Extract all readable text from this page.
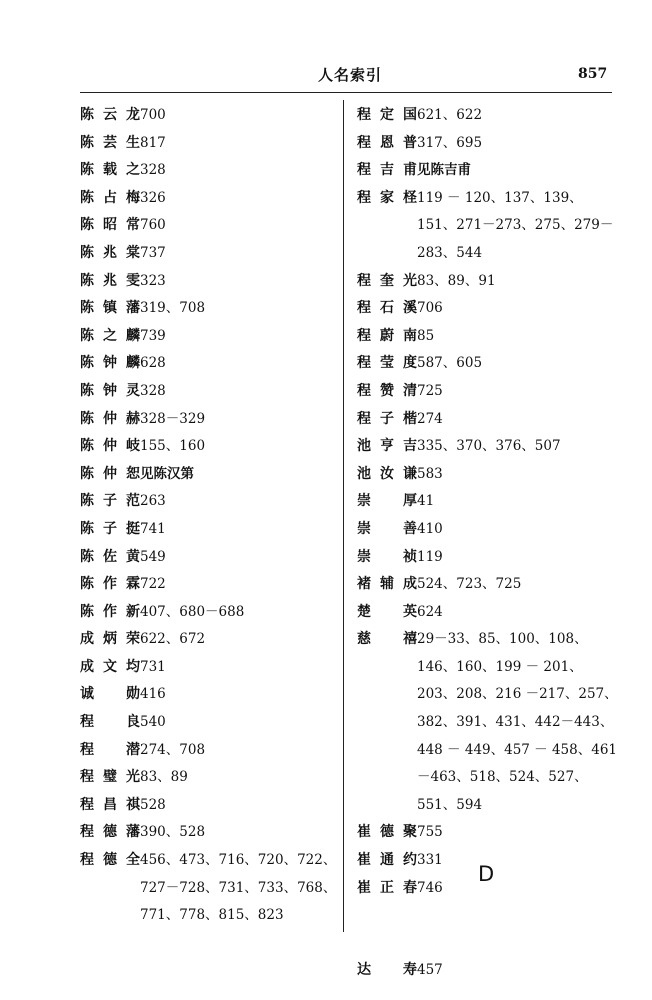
人名索引	857
陈云龙 700
陈芸生 817
陈载之 328
陈占梅 326
陈昭常 760
陈兆棠 737
陈兆雯 323
陈镇藩 319、708
陈之麟 739
陈钟麟 628
陈钟灵 328
陈仲赫 328－329
陈仲岐 155、160
陈仲恕 见陈汉第
陈子范 263
陈子挺 741
陈佐黄 549
陈作霖 722
陈作新 407、680－688
成炳荣 622、672
成文均 731
诚 勋 416
程 良 540
程 潜 274、708
程璧光 83、89
程昌祺 528
程德藩 390、528
程德全 456、473、716、720、722、727－728、731、733、768、771、778、815、823
程定国 621、622
程恩普 317、695
程吉甫 见陈吉甫
程家柽 119 － 120、137、139、151、271－273、275、279－283、544
程奎光 83、89、91
程石溪 706
程蔚南 85
程莹度 587、605
程赞清 725
程子楷 274
池亨吉 335、370、376、507
池汝谦 583
崇 厚 41
崇 善 410
崇 祯 119
褚辅成 524、723、725
楚 英 624
慈 禧 29－33、85、100、108、146、160、199 － 201、203、208、216 －217、257、382、391、431、442－443、448 － 449、457 － 458、461－463、518、524、527、551、594
崔德聚 755
崔通约 331
崔正春 746
达 寿 457
D
